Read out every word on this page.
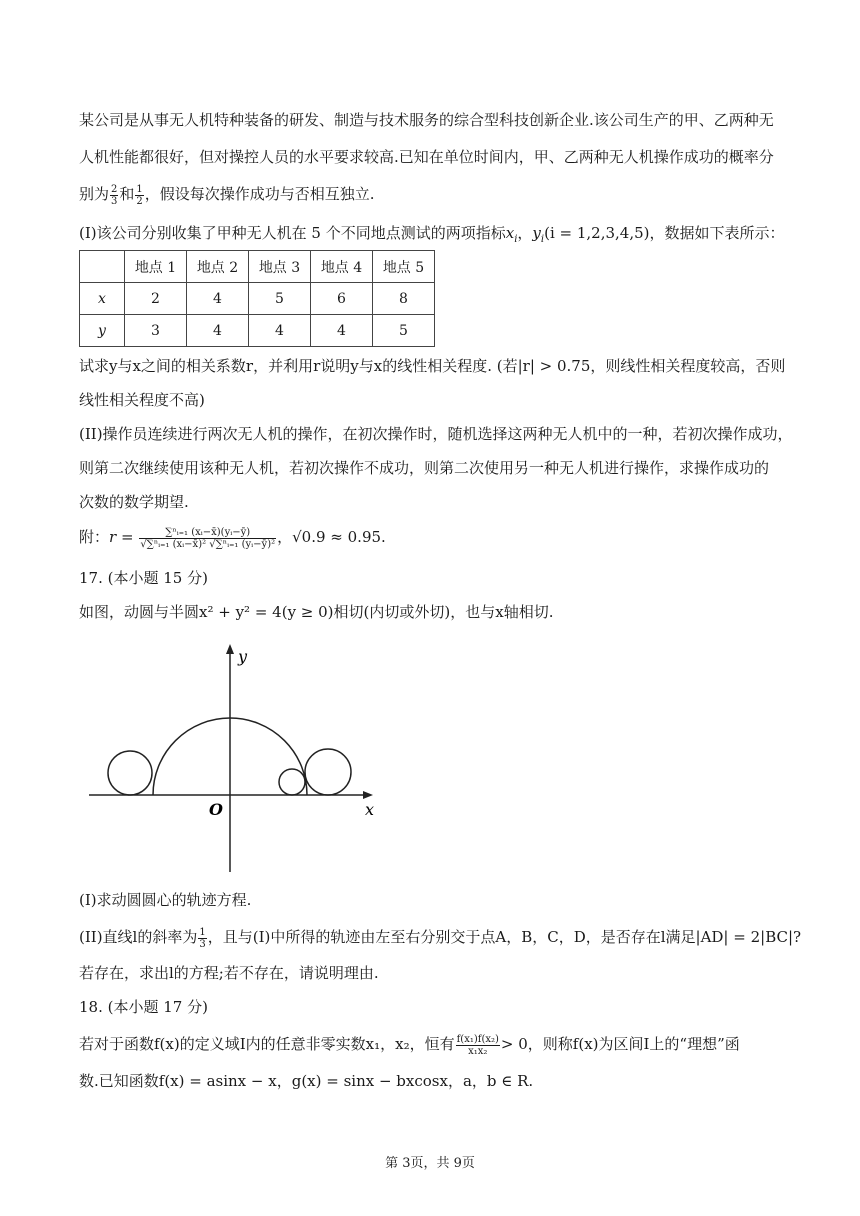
某公司是从事无人机特种装备的研发、制造与技术服务的综合型科技创新企业.该公司生产的甲、乙两种无
人机性能都很好，但对操控人员的水平要求较高.已知在单位时间内，甲、乙两种无人机操作成功的概率分
别为 $\frac{2}{3}$ 和 $\frac{1}{2}$ ，假设每次操作成功与否相互独立.
(I)该公司分别收集了甲种无人机在 5 个不同地点测试的两项指标$x_i$，$y_i(i = 1,2,3,4,5)$，数据如下表所示：
	地点 1	地点 2	地点 3	地点 4	地点 5
x	2	4	5	6	8
y	3	4	4	4	5
试求y与x之间的相关系数r，并利用r说明y与x的线性相关程度. (若|r| > 0.75，则线性相关程度较高，否则
线性相关程度不高)
(II)操作员连续进行两次无人机的操作，在初次操作时，随机选择这两种无人机中的一种，若初次操作成功，
则第二次继续使用该种无人机，若初次操作不成功，则第二次使用另一种无人机进行操作，求操作成功的
次数的数学期望.
附：$r = \frac{\text{∑ⁿᵢ₌₁ (xᵢ−x̄)(yᵢ−ȳ)}}{\text{√∑ⁿᵢ₌₁ (xᵢ−x̄)² √∑ⁿᵢ₌₁ (yᵢ−ȳ)²}}$ ，√0.9 ≈ 0.95.
17. (本小题 15 分)
如图，动圆与半圆x² + y² = 4(y ≥ 0)相切(内切或外切)，也与x轴相切.
y
x
O
(I)求动圆圆心的轨迹方程.
(II)直线l的斜率为 $\frac{1}{3}$ ，且与(I)中所得的轨迹由左至右分别交于点A，B，C，D，是否存在l满足|AD| = 2|BC|?
若存在，求出l的方程;若不存在，请说明理由.
18. (本小题 17 分)
若对于函数f(x)的定义域I内的任意非零实数x₁，x₂，恒有 $\frac{\text{f(x₁)f(x₂)}}{\text{x₁x₂}} > 0$，则称f(x)为区间I上的“理想”函
数.已知函数f(x) = asinx − x，g(x) = sinx − bxcosx，a，b ∈ R.
第 3页，共 9页
